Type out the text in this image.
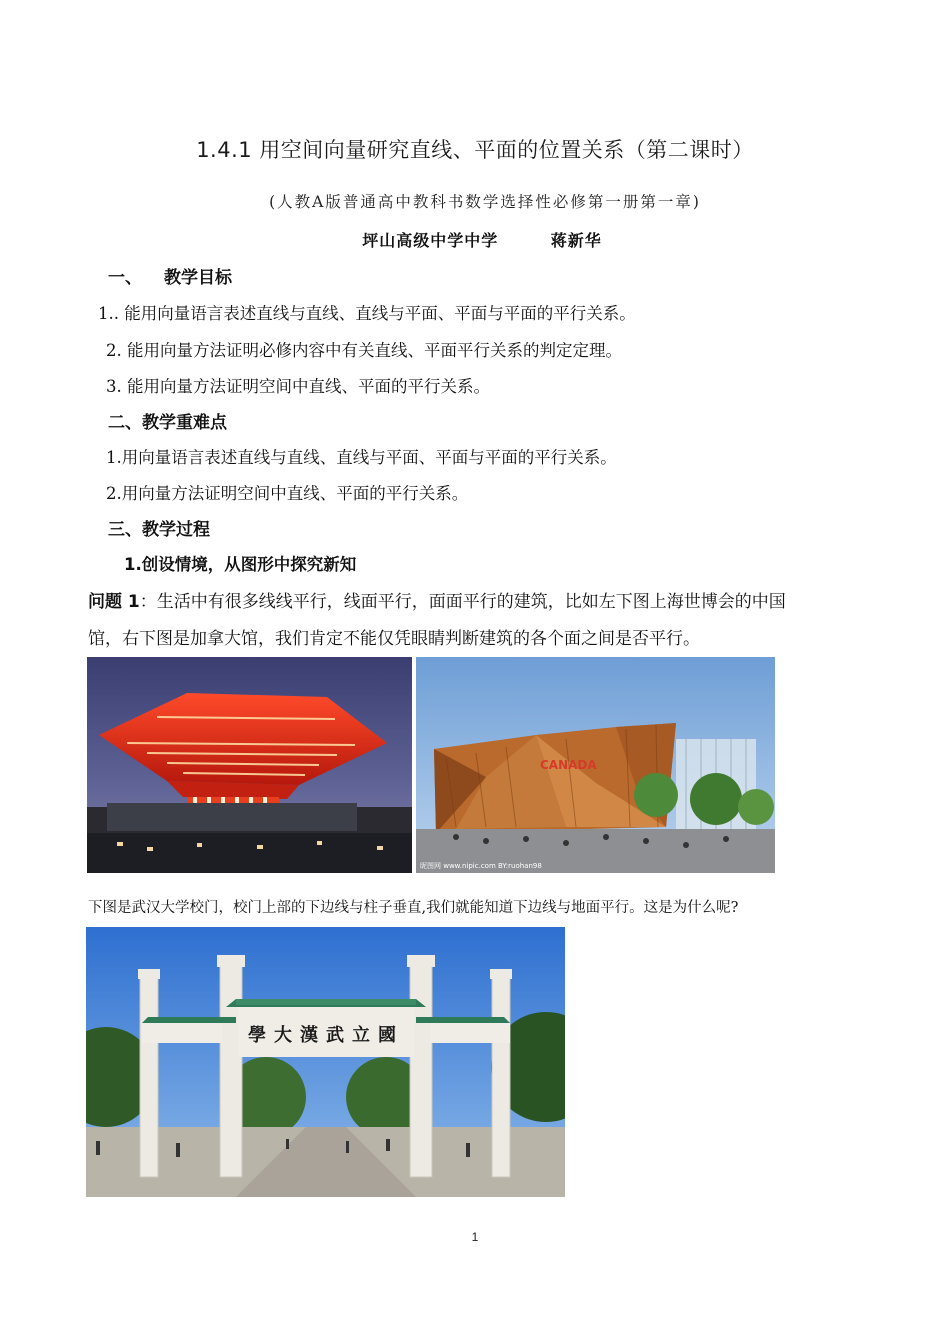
1.4.1 用空间向量研究直线、平面的位置关系（第二课时）
(人教A版普通高中教科书数学选择性必修第一册第一章)
坪山高级中学中学        蒋新华
一、 教学目标
1.. 能用向量语言表述直线与直线、直线与平面、平面与平面的平行关系。
2. 能用向量方法证明必修内容中有关直线、平面平行关系的判定定理。
3. 能用向量方法证明空间中直线、平面的平行关系。
二、教学重难点
1.用向量语言表述直线与直线、直线与平面、平面与平面的平行关系。
2.用向量方法证明空间中直线、平面的平行关系。
三、教学过程
1.创设情境，从图形中探究新知
问题 1：生活中有很多线线平行，线面平行，面面平行的建筑，比如左下图上海世博会的中国
馆，右下图是加拿大馆，我们肯定不能仅凭眼睛判断建筑的各个面之间是否平行。
CANADA
昵图网 www.nipic.com BY:ruohan98
下图是武汉大学校门，校门上部的下边线与柱子垂直,我们就能知道下边线与地面平行。这是为什么呢?
學大漢武立國
1
